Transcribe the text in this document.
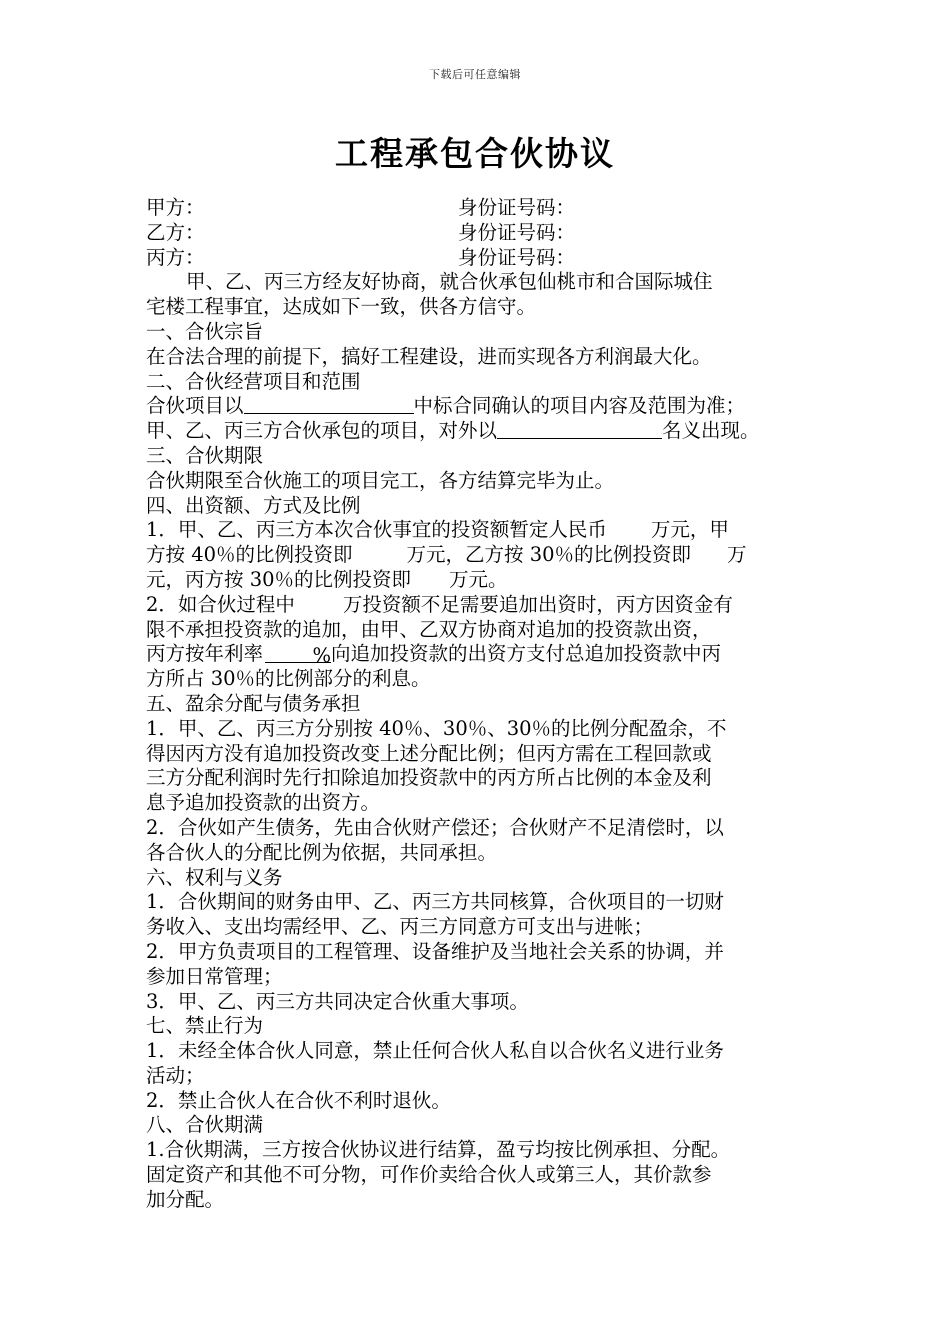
下载后可任意编辑
工程承包合伙协议
甲方：	身份证号码：
乙方：	身份证号码：
丙方：	身份证号码：
甲、乙、丙三方经友好协商，就合伙承包仙桃市和合国际城住
宅楼工程事宜，达成如下一致，供各方信守。
一、合伙宗旨
在合法合理的前提下，搞好工程建设，进而实现各方利润最大化。
二、合伙经营项目和范围
合伙项目以	中标合同确认的项目内容及范围为准；
甲、乙、丙三方合伙承包的项目，对外以	名义出现。
三、合伙期限
合伙期限至合伙施工的项目完工，各方结算完毕为止。
四、出资额、方式及比例
1．甲、乙、丙三方本次合伙事宜的投资额暂定人民币 万元，甲
方按 40％的比例投资即	万元，乙方按 30％的比例投资即 万
元，丙方按 30％的比例投资即 万元。
2．如合伙过程中 万投资额不足需要追加出资时，丙方因资金有
限不承担投资款的追加，由甲、乙双方协商对追加的投资款出资，
丙方按年利率	%向追加投资款的出资方支付总追加投资款中丙
方所占 30％的比例部分的利息。
五、盈余分配与债务承担
1．甲、乙、丙三方分别按 40％、30％、30％的比例分配盈余，不
得因丙方没有追加投资改变上述分配比例；但丙方需在工程回款或
三方分配利润时先行扣除追加投资款中的丙方所占比例的本金及利
息予追加投资款的出资方。
2．合伙如产生债务，先由合伙财产偿还；合伙财产不足清偿时，以
各合伙人的分配比例为依据，共同承担。
六、权利与义务
1．合伙期间的财务由甲、乙、丙三方共同核算，合伙项目的一切财
务收入、支出均需经甲、乙、丙三方同意方可支出与进帐；
2．甲方负责项目的工程管理、设备维护及当地社会关系的协调，并
参加日常管理；
3．甲、乙、丙三方共同决定合伙重大事项。
七、禁止行为
1．未经全体合伙人同意，禁止任何合伙人私自以合伙名义进行业务
活动；
2．禁止合伙人在合伙不利时退伙。
八、合伙期满
1.合伙期满，三方按合伙协议进行结算，盈亏均按比例承担、分配。
固定资产和其他不可分物，可作价卖给合伙人或第三人，其价款参
加分配。
